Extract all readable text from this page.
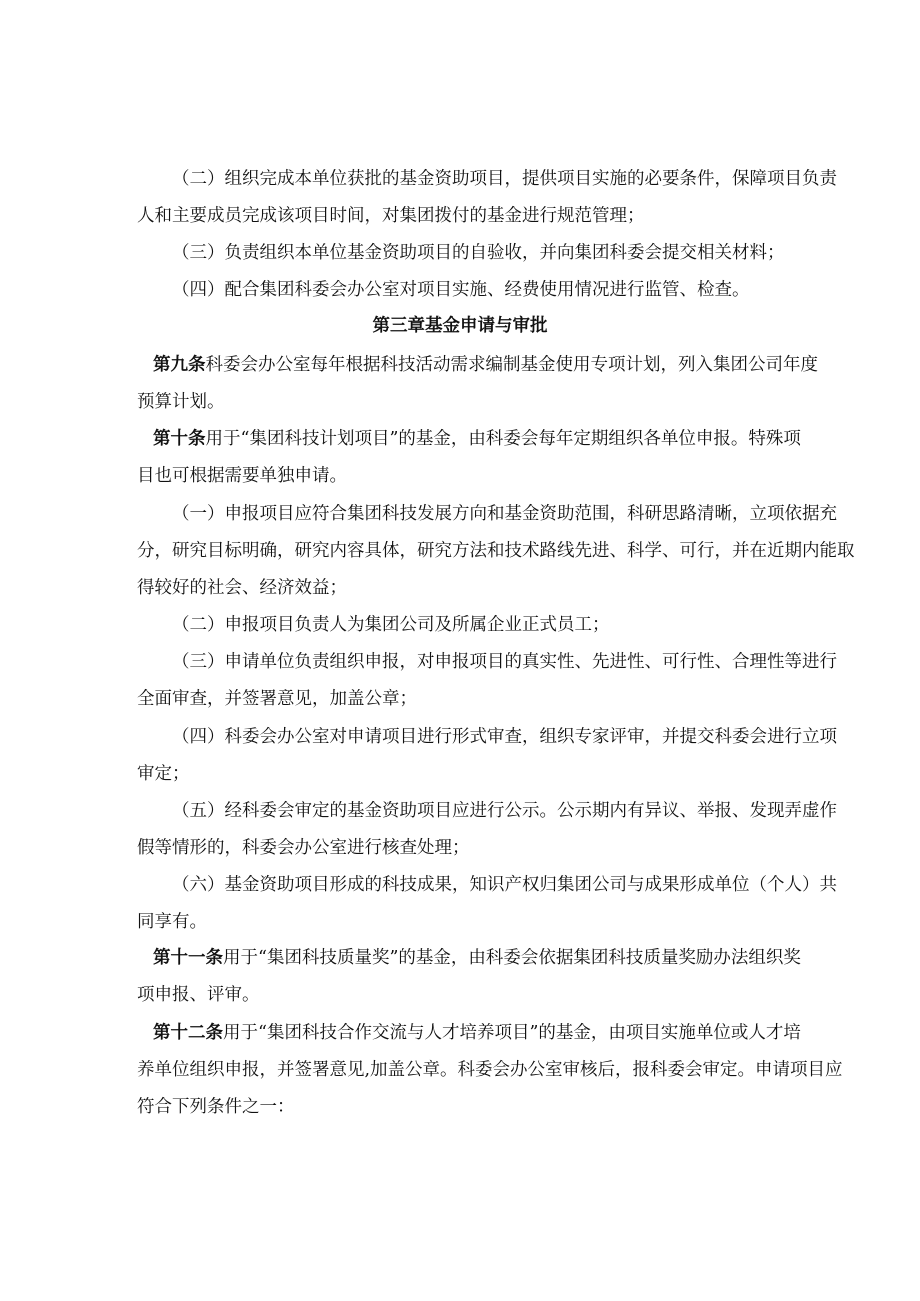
（二）组织完成本单位获批的基金资助项目，提供项目实施的必要条件，保障项目负责
人和主要成员完成该项目时间，对集团拨付的基金进行规范管理；
（三）负责组织本单位基金资助项目的自验收，并向集团科委会提交相关材料；
（四）配合集团科委会办公室对项目实施、经费使用情况进行监管、检查。
第三章基金申请与审批
第九条科委会办公室每年根据科技活动需求编制基金使用专项计划，列入集团公司年度
预算计划。
第十条用于“集团科技计划项目”的基金，由科委会每年定期组织各单位申报。特殊项
目也可根据需要单独申请。
（一）申报项目应符合集团科技发展方向和基金资助范围，科研思路清晰，立项依据充
分，研究目标明确，研究内容具体，研究方法和技术路线先进、科学、可行，并在近期内能取
得较好的社会、经济效益；
（二）申报项目负责人为集团公司及所属企业正式员工；
（三）申请单位负责组织申报，对申报项目的真实性、先进性、可行性、合理性等进行
全面审查，并签署意见，加盖公章；
（四）科委会办公室对申请项目进行形式审查，组织专家评审，并提交科委会进行立项
审定；
（五）经科委会审定的基金资助项目应进行公示。公示期内有异议、举报、发现弄虚作
假等情形的，科委会办公室进行核查处理；
（六）基金资助项目形成的科技成果，知识产权归集团公司与成果形成单位（个人）共
同享有。
第十一条用于“集团科技质量奖”的基金，由科委会依据集团科技质量奖励办法组织奖
项申报、评审。
第十二条用于“集团科技合作交流与人才培养项目”的基金，由项目实施单位或人才培
养单位组织申报，并签署意见,加盖公章。科委会办公室审核后，报科委会审定。申请项目应
符合下列条件之一：
